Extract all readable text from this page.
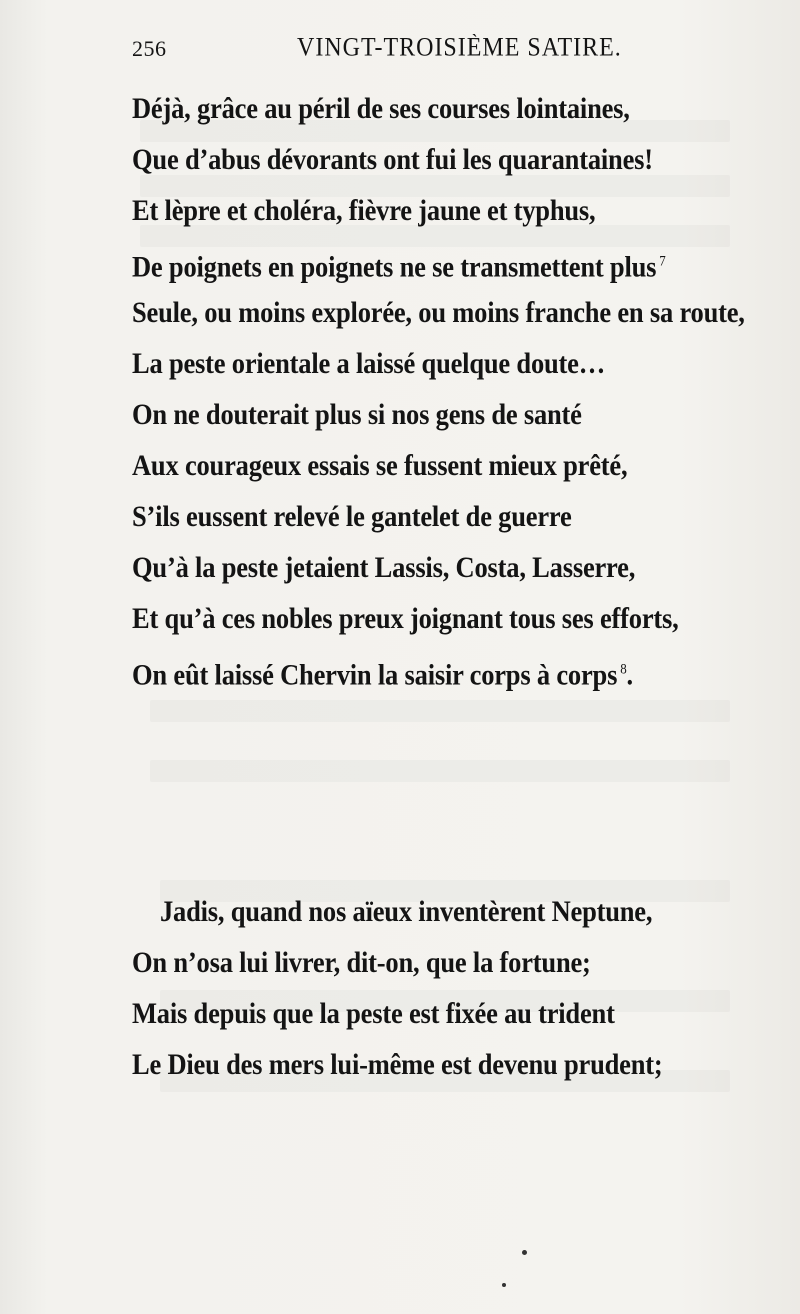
256	VINGT-TROISIÈME SATIRE.
Déjà, grâce au péril de ses courses lointaines,
Que d’abus dévorants ont fui les quarantaines!
Et lèpre et choléra, fièvre jaune et typhus,
De poignets en poignets ne se transmettent plus $^7$
Seule, ou moins explorée, ou moins franche en sa route,
La peste orientale a laissé quelque doute…
On ne douterait plus si nos gens de santé
Aux courageux essais se fussent mieux prêté,
S’ils eussent relevé le gantelet de guerre
Qu’à la peste jetaient Lassis, Costa, Lasserre,
Et qu’à ces nobles preux joignant tous ses efforts,
On eût laissé Chervin la saisir corps à corps $^8$.
Jadis, quand nos aïeux inventèrent Neptune,
On n’osa lui livrer, dit-on, que la fortune;
Mais depuis que la peste est fixée au trident
Le Dieu des mers lui-même est devenu prudent;
